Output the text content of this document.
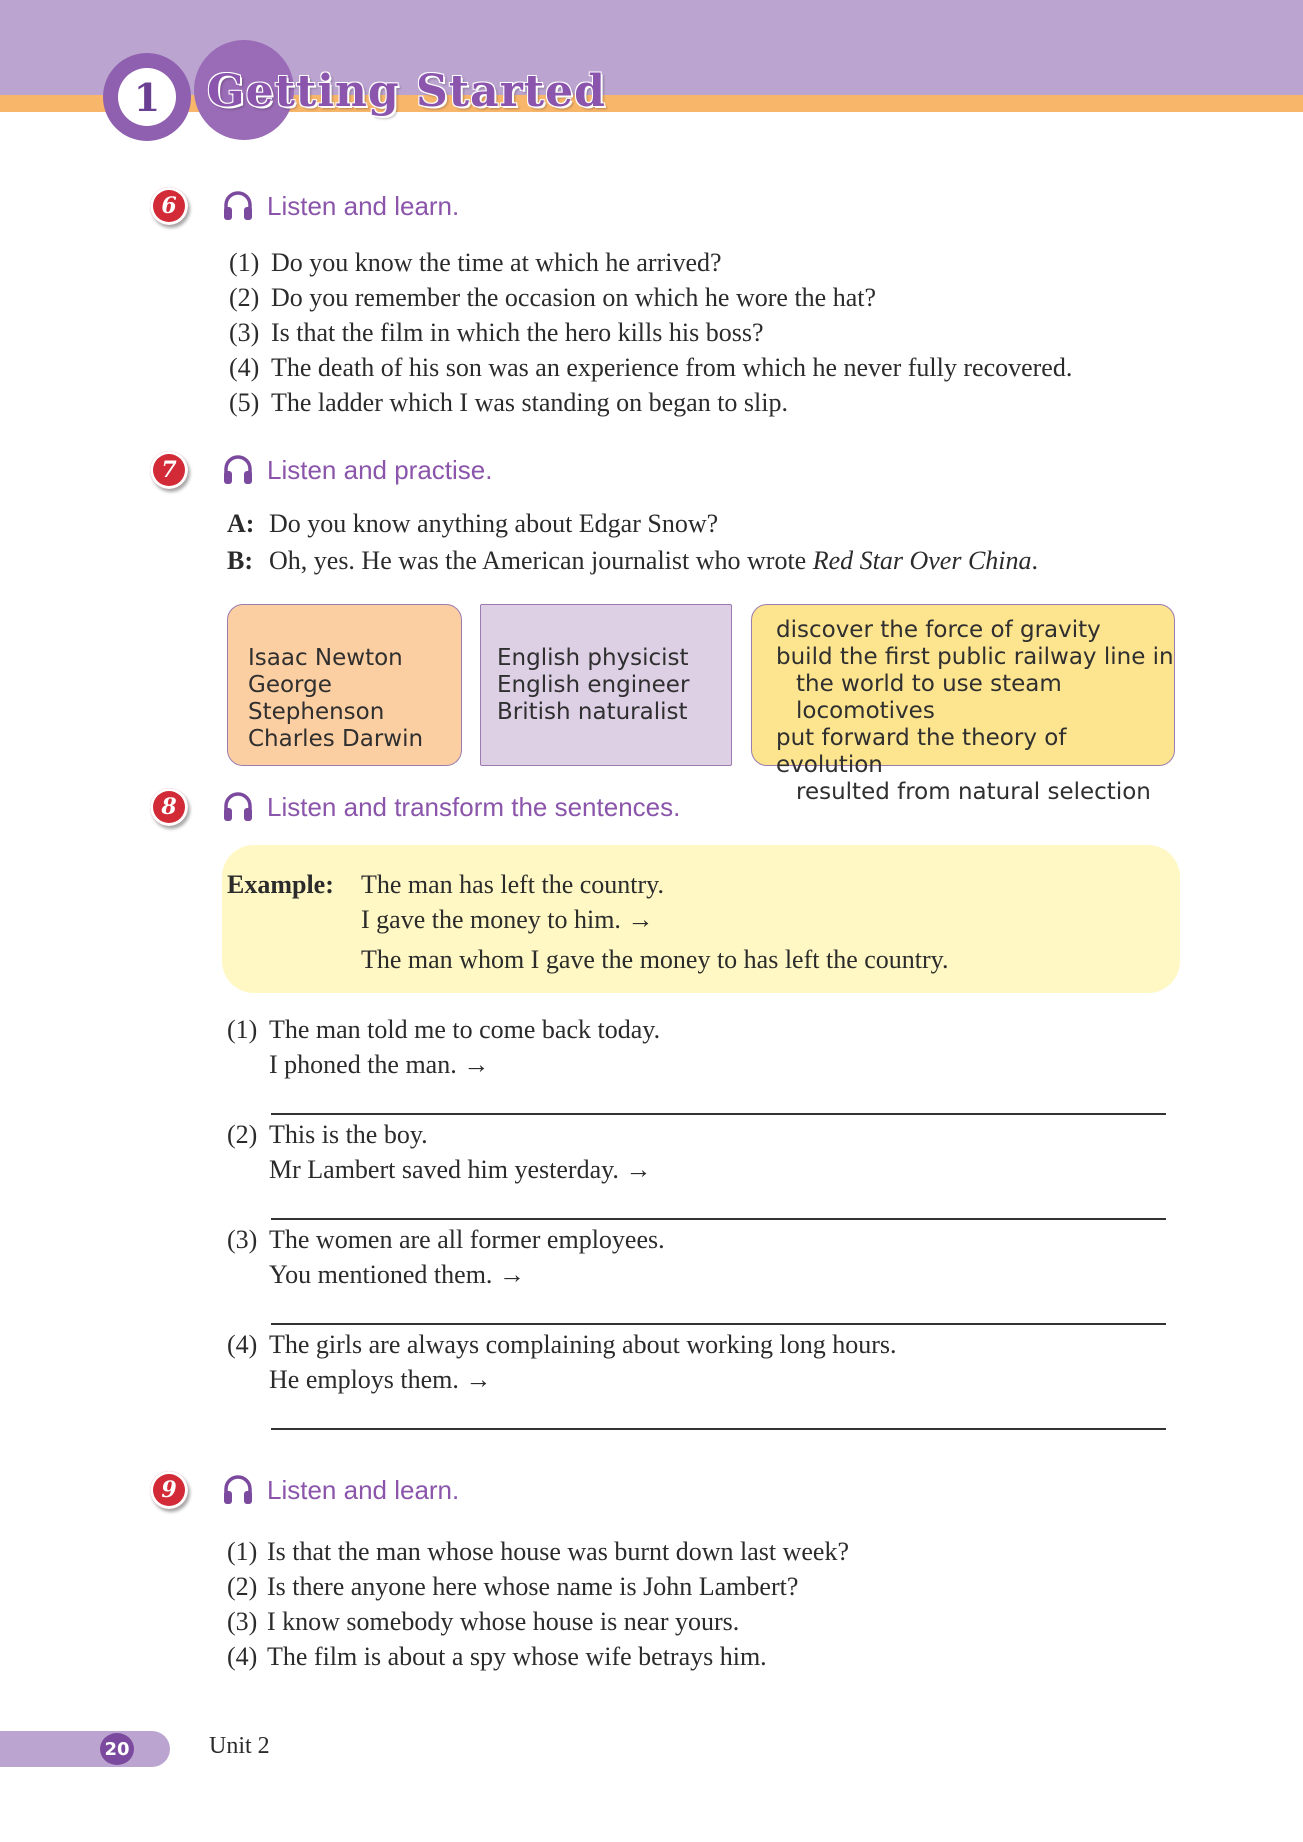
1	Getting Started
6	Listen and learn.
(1) Do you know the time at which he arrived?
(2) Do you remember the occasion on which he wore the hat?
(3) Is that the film in which the hero kills his boss?
(4) The death of his son was an experience from which he never fully recovered.
(5) The ladder which I was standing on began to slip.
7	Listen and practise.
A: Do you know anything about Edgar Snow?
B: Oh, yes. He was the American journalist who wrote Red Star Over China.
Isaac Newton
George Stephenson
Charles Darwin
English physicist
English engineer
British naturalist
discover the force of gravity
build the first public railway line in
the world to use steam locomotives
put forward the theory of evolution
resulted from natural selection
8	Listen and transform the sentences.
Example: The man has left the country.
I gave the money to him. →
The man whom I gave the money to has left the country.
(1) The man told me to come back today.
I phoned the man. →
(2) This is the boy.
Mr Lambert saved him yesterday. →
(3) The women are all former employees.
You mentioned them. →
(4) The girls are always complaining about working long hours.
He employs them. →
9	Listen and learn.
(1) Is that the man whose house was burnt down last week?
(2) Is there anyone here whose name is John Lambert?
(3) I know somebody whose house is near yours.
(4) The film is about a spy whose wife betrays him.
20	Unit 2
